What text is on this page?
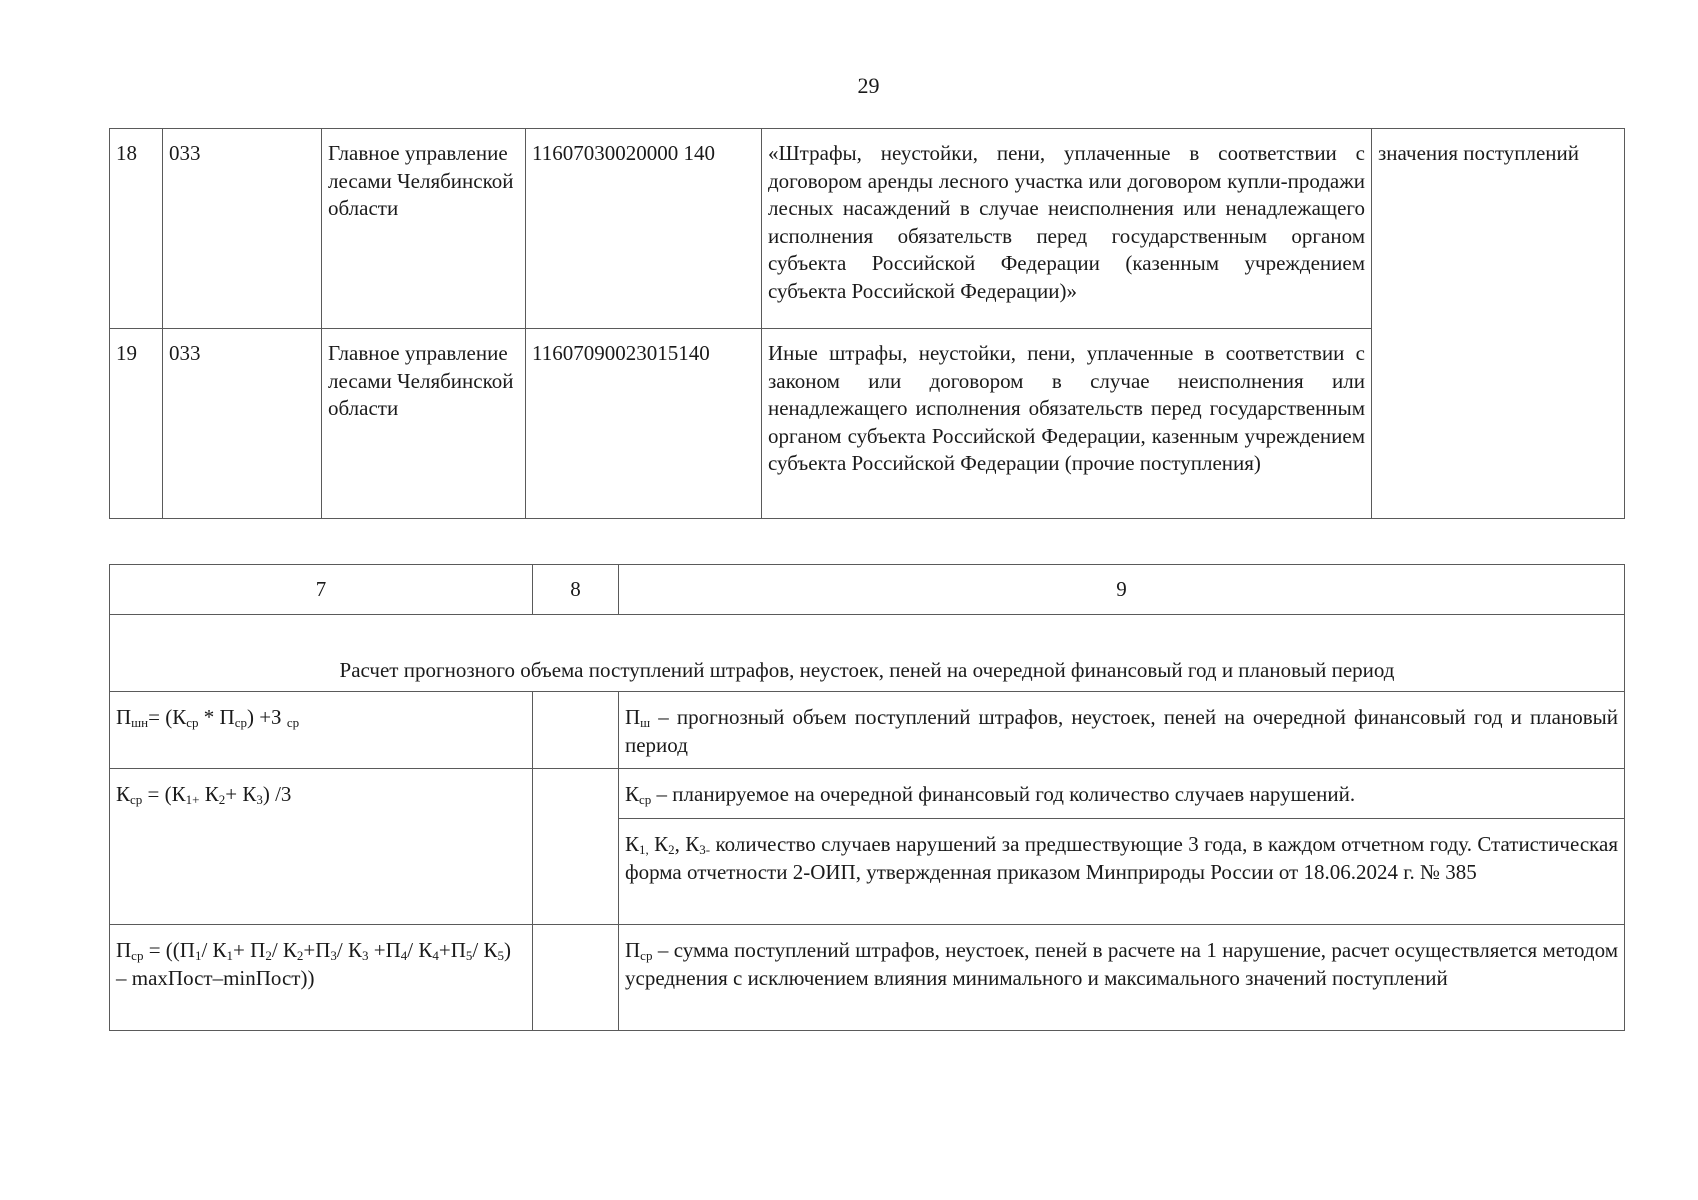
29
18	033	Главное управление лесами Челябинской области	11607030020000 140	«Штрафы, неустойки, пени, уплаченные в соответствии с договором аренды лесного участка или договором купли-продажи лесных насаждений в случае неисполнения или ненадлежащего исполнения обязательств перед государственным органом субъекта Российской Федерации (казенным учреждением субъекта Российской Федерации)»	значения поступлений
19	033	Главное управление лесами Челябинской области	11607090023015140	Иные штрафы, неустойки, пени, уплаченные в соответствии с законом или договором в случае неисполнения или ненадлежащего исполнения обязательств перед государственным органом субъекта Российской Федерации, казенным учреждением субъекта Российской Федерации (прочие поступления)	
7	8	9
Расчет прогнозного объема поступлений штрафов, неустоек, пеней на очередной финансовый год и плановый период		
$П_{шн}= (К_{ср} * П_{ср}) +З$ $_{ср}$		$П_ш$ – прогнозный объем поступлений штрафов, неустоек, пеней на очередной финансовый год и плановый период
$К_{ср} = (К_{1+}$ $К_2+ К_3$) /3		$К_{ср}$ – планируемое на очередной финансовый год количество случаев нарушений.
		$К_{1,}$ $К_2$, $К_{3-}$ количество случаев нарушений за предшествующие 3 года, в каждом отчетном году. Статистическая форма отчетности 2-ОИП, утвержденная приказом Минприроды России от 18.06.2024 г. № 385
$П_{ср} = ((П_1/$ $К_1+ П_2/$ $К_2+П_3/$ $К_3 +П_4/$ $К_4+П_5/$ $К_5$) – maxПост–minПост))		$П_{ср}$ – сумма поступлений штрафов, неустоек, пеней в расчете на 1 нарушение, расчет осуществляется методом усреднения с исключением влияния минимального и максимального значений поступлений
